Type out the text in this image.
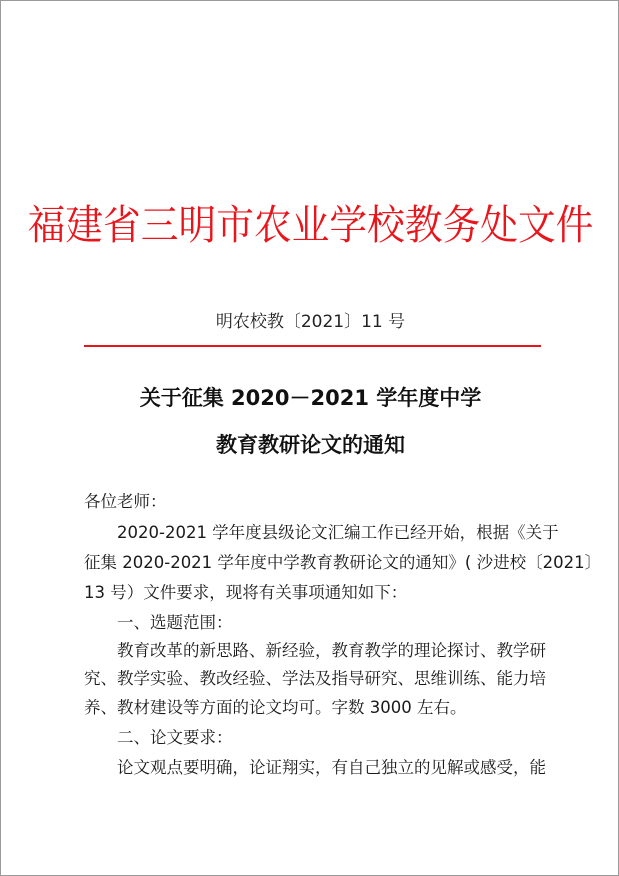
福建省三明市农业学校教务处文件
明农校教〔2021〕11 号
关于征集 2020－2021 学年度中学
教育教研论文的通知
各位老师：
　　2020-2021 学年度县级论文汇编工作已经开始，根据《关于
征集 2020-2021 学年度中学教育教研论文的通知》( 沙进校〔2021〕
13 号）文件要求，现将有关事项通知如下：
　　一、选题范围：
　　教育改革的新思路、新经验，教育教学的理论探讨、教学研
究、教学实验、教改经验、学法及指导研究、思维训练、能力培
养、教材建设等方面的论文均可。字数 3000 左右。
　　二、论文要求：
　　论文观点要明确，论证翔实，有自己独立的见解或感受，能
